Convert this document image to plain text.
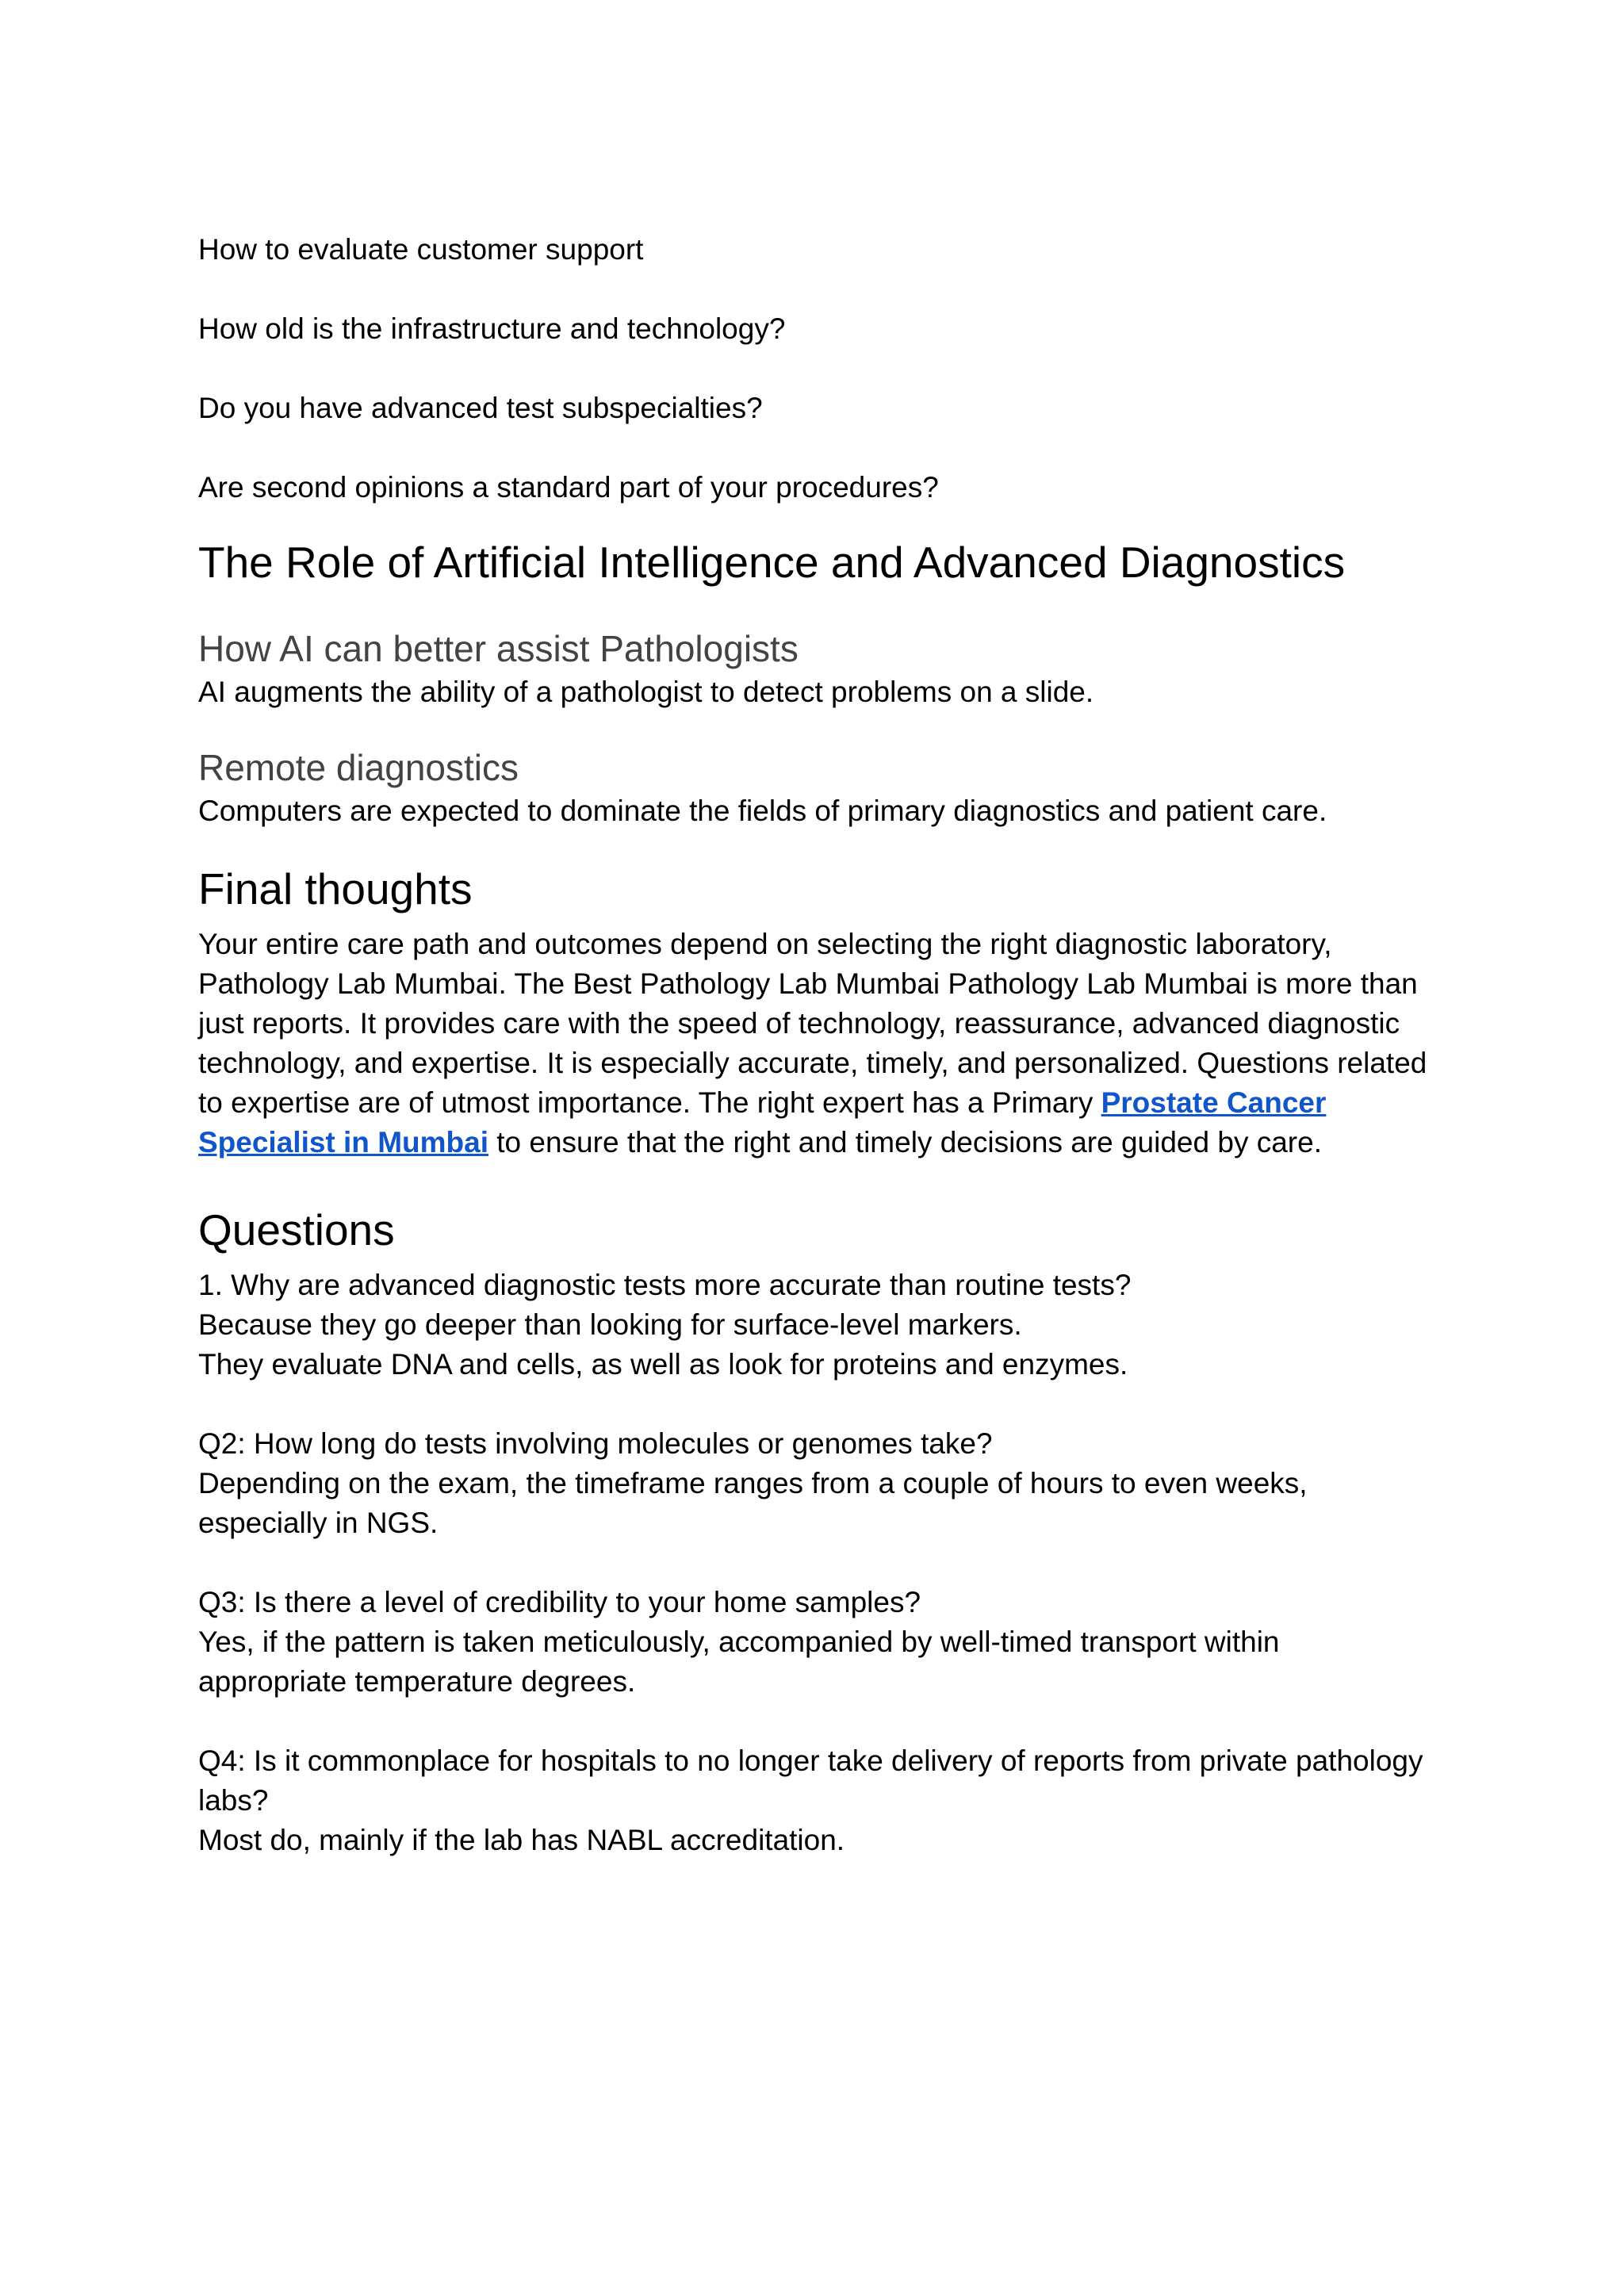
How to evaluate customer support

How old is the infrastructure and technology?

Do you have advanced test subspecialties?

Are second opinions a standard part of your procedures?

The Role of Artificial Intelligence and Advanced Diagnostics
How AI can better assist Pathologists

AI augments the ability of a pathologist to detect problems on a slide.

Remote diagnostics

Computers are expected to dominate the fields of primary diagnostics and patient care.

Final thoughts

Your entire care path and outcomes depend on selecting the right diagnostic laboratory, Pathology Lab Mumbai. The Best Pathology Lab Mumbai Pathology Lab Mumbai is more than just reports. It provides care with the speed of technology, reassurance, advanced diagnostic technology, and expertise. It is especially accurate, timely, and personalized. Questions related to expertise are of utmost importance. The right expert has a Primary Prostate Cancer Specialist in Mumbai to ensure that the right and timely decisions are guided by care.

Questions

1. Why are advanced diagnostic tests more accurate than routine tests?

Because they go deeper than looking for surface-level markers.

They evaluate DNA and cells, as well as look for proteins and enzymes.

Q2: How long do tests involving molecules or genomes take?

Depending on the exam, the timeframe ranges from a couple of hours to even weeks, especially in NGS.

Q3: Is there a level of credibility to your home samples?

Yes, if the pattern is taken meticulously, accompanied by well-timed transport within appropriate temperature degrees.

Q4: Is it commonplace for hospitals to no longer take delivery of reports from private pathology labs?

Most do, mainly if the lab has NABL accreditation.
